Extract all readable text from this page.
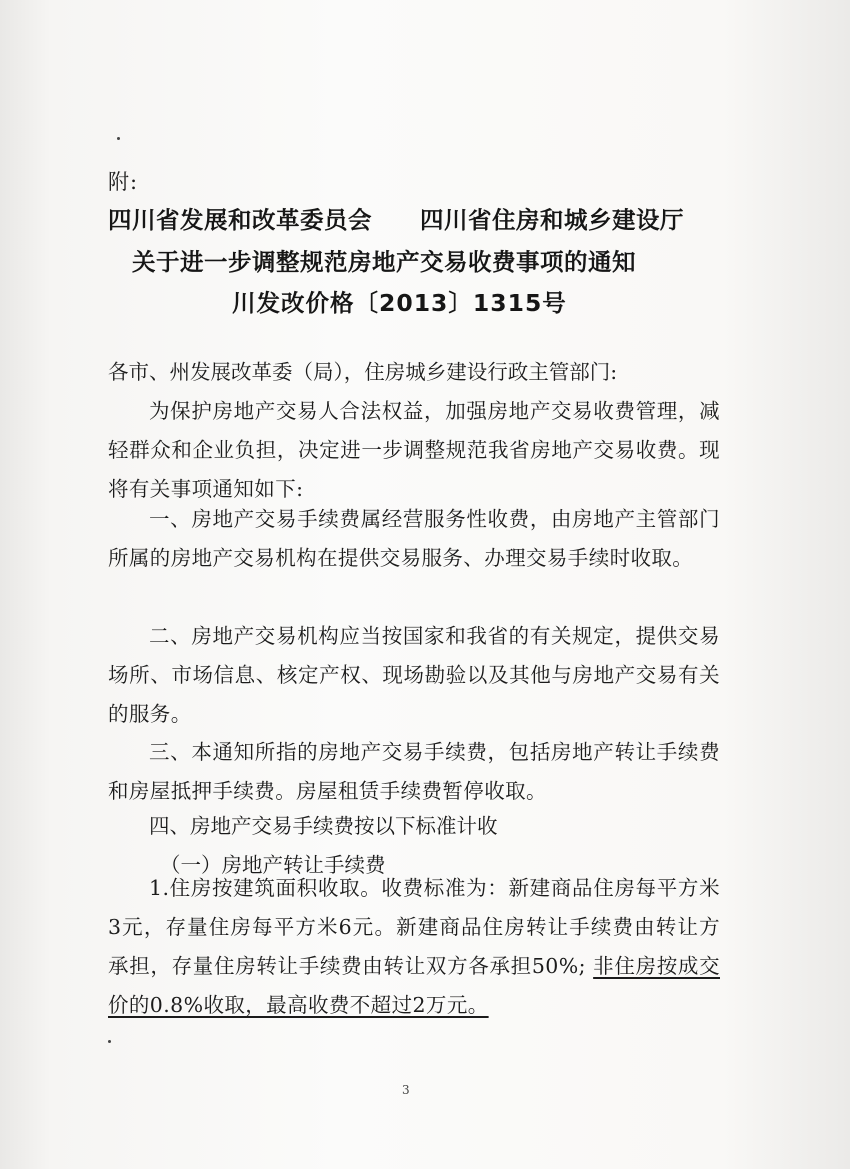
附:
四川省发展和改革委员会　　四川省住房和城乡建设厅
关于进一步调整规范房地产交易收费事项的通知
川发改价格〔2013〕1315号
各市、州发展改革委（局），住房城乡建设行政主管部门:
为保护房地产交易人合法权益，加强房地产交易收费管理，减轻群众和企业负担，决定进一步调整规范我省房地产交易收费。现将有关事项通知如下:
一、房地产交易手续费属经营服务性收费，由房地产主管部门所属的房地产交易机构在提供交易服务、办理交易手续时收取。
二、房地产交易机构应当按国家和我省的有关规定，提供交易场所、市场信息、核定产权、现场勘验以及其他与房地产交易有关的服务。
三、本通知所指的房地产交易手续费，包括房地产转让手续费和房屋抵押手续费。房屋租赁手续费暂停收取。
四、房地产交易手续费按以下标准计收
（一）房地产转让手续费
1.住房按建筑面积收取。收费标准为：新建商品住房每平方米3元，存量住房每平方米6元。新建商品住房转让手续费由转让方承担，存量住房转让手续费由转让双方各承担50%; 非住房按成交价的0.8%收取，最高收费不超过2万元。
3
